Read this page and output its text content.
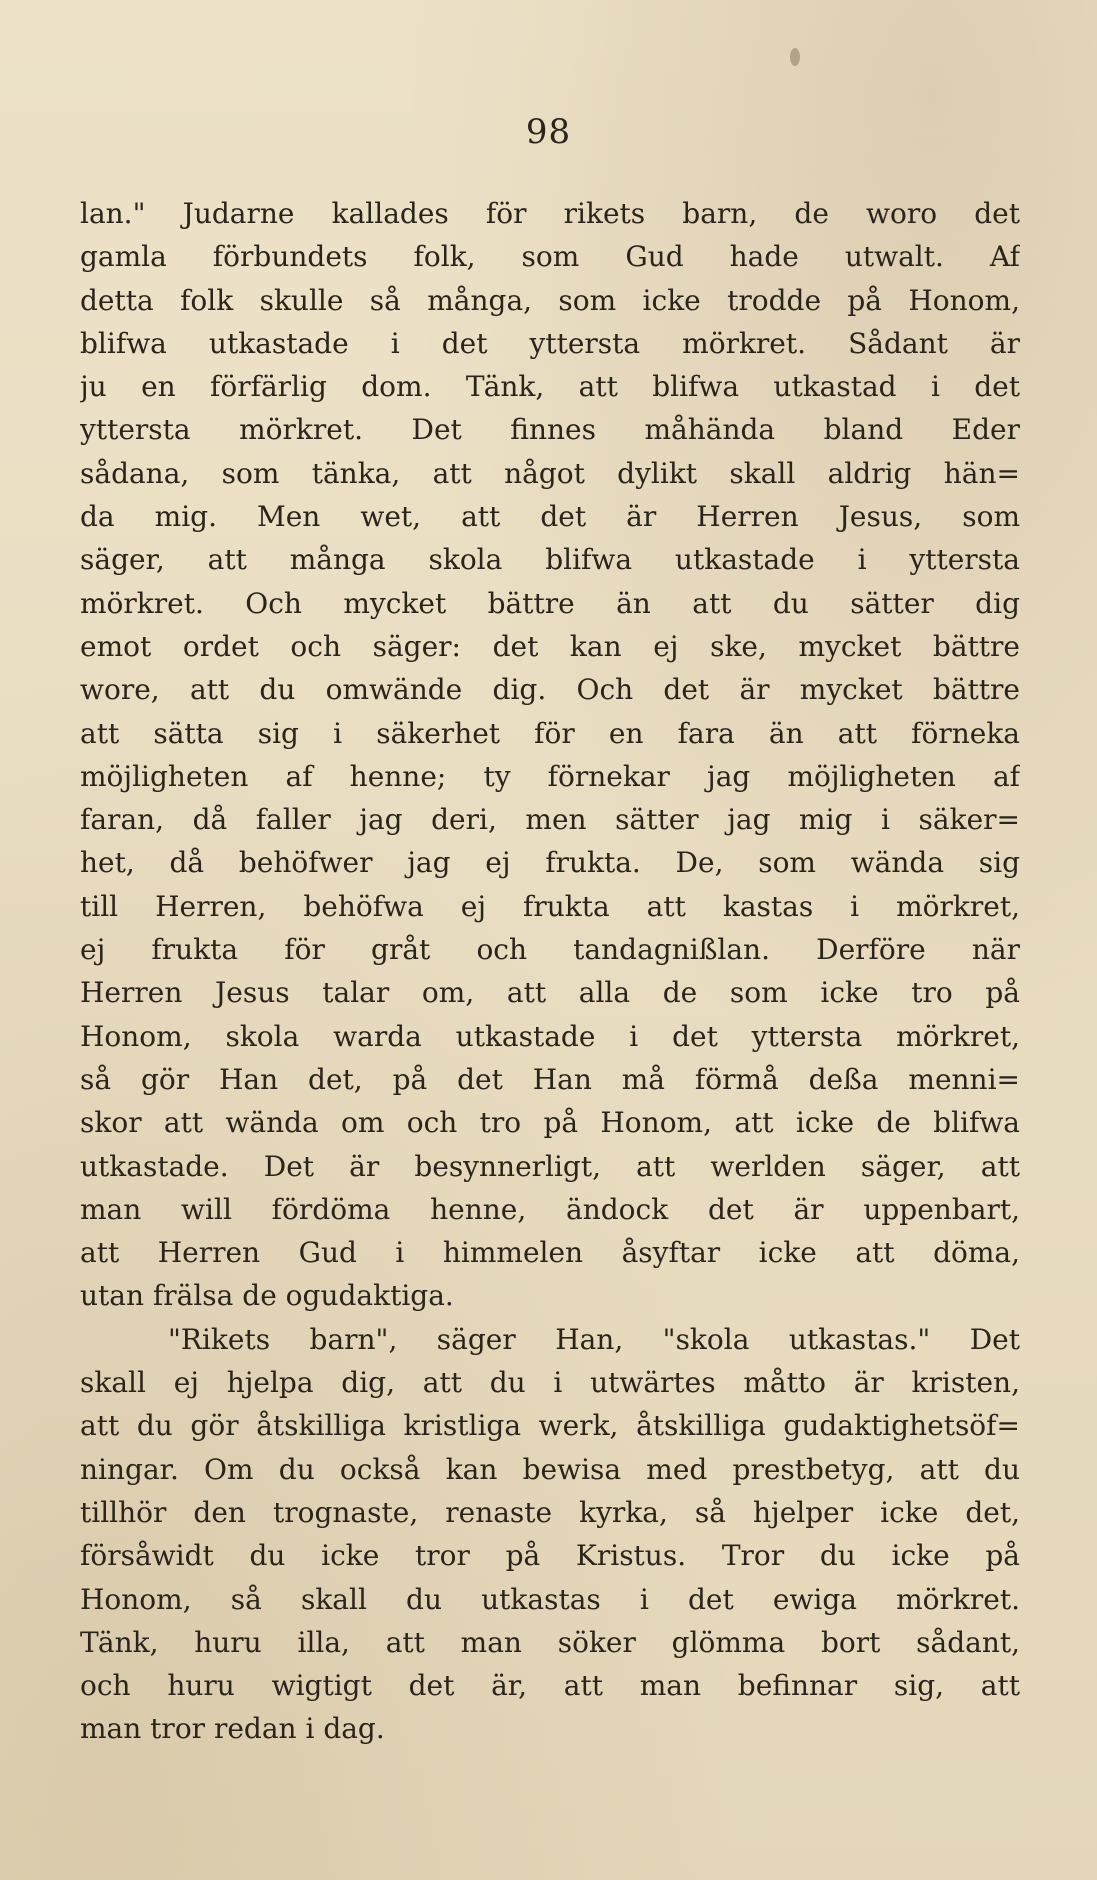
98
lan." Judarne kallades för rikets barn, de woro det
gamla förbundets folk, som Gud hade utwalt. Af
detta folk skulle så många, som icke trodde på Honom,
blifwa utkastade i det yttersta mörkret. Sådant är
ju en förfärlig dom. Tänk, att blifwa utkastad i det
yttersta mörkret. Det finnes måhända bland Eder
sådana, som tänka, att något dylikt skall aldrig hän=
da mig. Men wet, att det är Herren Jesus, som
säger, att många skola blifwa utkastade i yttersta
mörkret. Och mycket bättre än att du sätter dig
emot ordet och säger: det kan ej ske, mycket bättre
wore, att du omwände dig. Och det är mycket bättre
att sätta sig i säkerhet för en fara än att förneka
möjligheten af henne; ty förnekar jag möjligheten af
faran, då faller jag deri, men sätter jag mig i säker=
het, då behöfwer jag ej frukta. De, som wända sig
till Herren, behöfwa ej frukta att kastas i mörkret,
ej frukta för gråt och tandagnißlan. Derföre när
Herren Jesus talar om, att alla de som icke tro på
Honom, skola warda utkastade i det yttersta mörkret,
så gör Han det, på det Han må förmå deßa menni=
skor att wända om och tro på Honom, att icke de blifwa
utkastade. Det är besynnerligt, att werlden säger, att
man will fördöma henne, ändock det är uppenbart,
att Herren Gud i himmelen åsyftar icke att döma,
utan frälsa de ogudaktiga.
"Rikets barn", säger Han, "skola utkastas." Det
skall ej hjelpa dig, att du i utwärtes måtto är kristen,
att du gör åtskilliga kristliga werk, åtskilliga gudaktighetsöf=
ningar. Om du också kan bewisa med prestbetyg, att du
tillhör den trognaste, renaste kyrka, så hjelper icke det,
försåwidt du icke tror på Kristus. Tror du icke på
Honom, så skall du utkastas i det ewiga mörkret.
Tänk, huru illa, att man söker glömma bort sådant,
och huru wigtigt det är, att man befinnar sig, att
man tror redan i dag.
